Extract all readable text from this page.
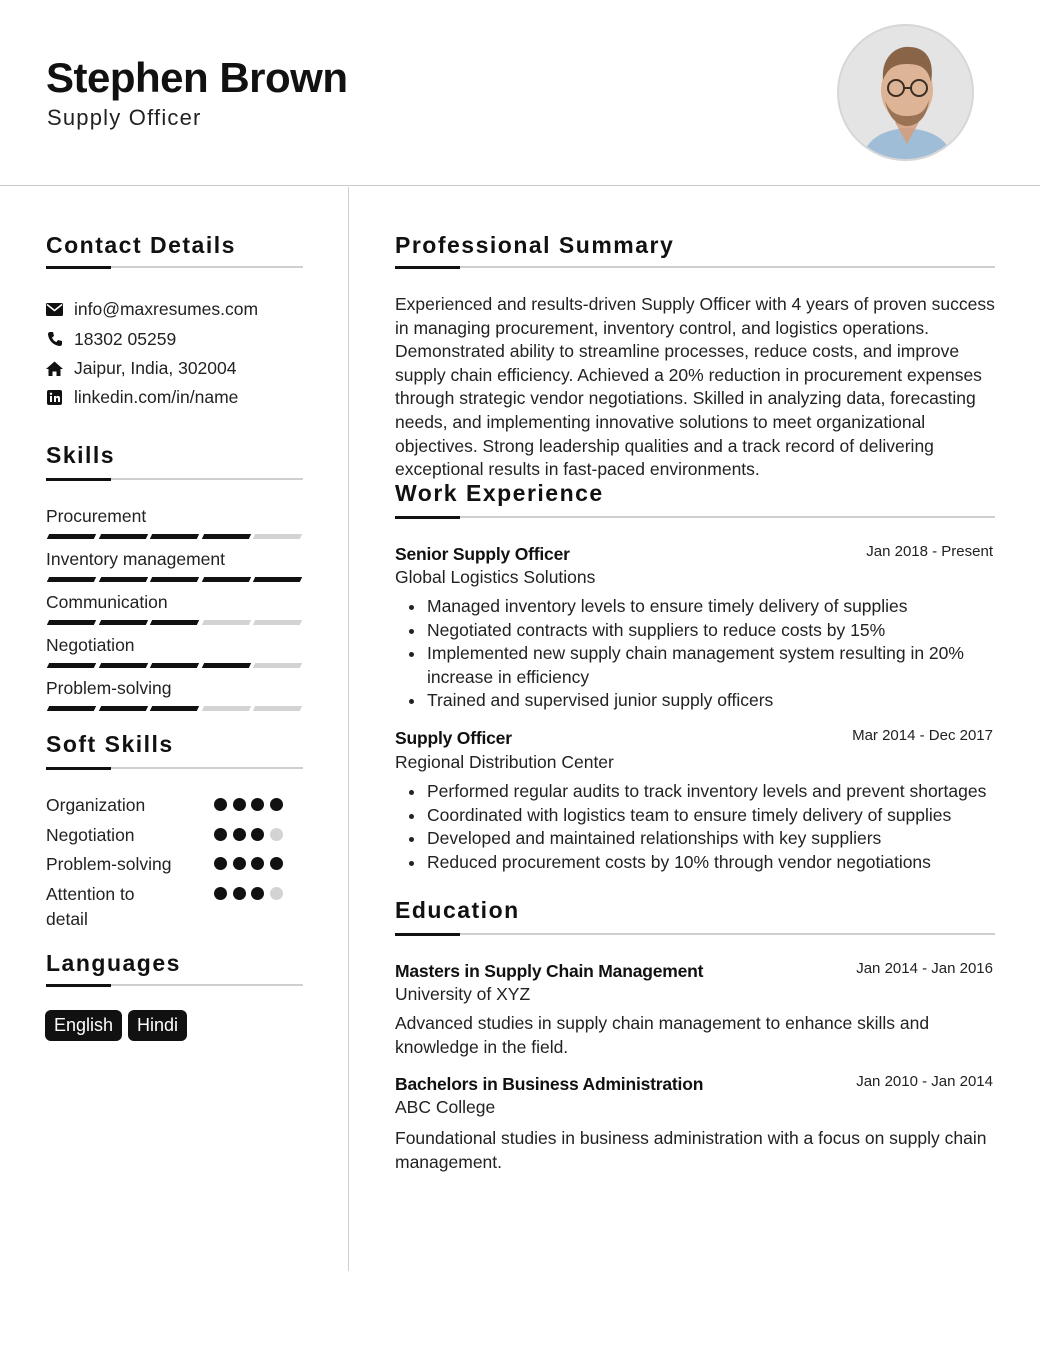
Stephen Brown
Supply Officer
Contact Details
info@maxresumes.com
18302 05259
Jaipur, India, 302004
linkedin.com/in/name
Skills
Procurement
Inventory management
Communication
Negotiation
Problem-solving
Soft Skills
Organization
Negotiation
Problem-solving
Attention to detail
Languages
English	Hindi
Professional Summary
Experienced and results-driven Supply Officer with 4 years of proven success in managing procurement, inventory control, and logistics operations. Demonstrated ability to streamline processes, reduce costs, and improve supply chain efficiency. Achieved a 20% reduction in procurement expenses through strategic vendor negotiations. Skilled in analyzing data, forecasting needs, and implementing innovative solutions to meet organizational objectives. Strong leadership qualities and a track record of delivering exceptional results in fast-paced environments.
Work Experience
Senior Supply Officer	Jan 2018 - Present
Global Logistics Solutions
Managed inventory levels to ensure timely delivery of supplies
Negotiated contracts with suppliers to reduce costs by 15%
Implemented new supply chain management system resulting in 20% increase in efficiency
Trained and supervised junior supply officers
Supply Officer	Mar 2014 - Dec 2017
Regional Distribution Center
Performed regular audits to track inventory levels and prevent shortages
Coordinated with logistics team to ensure timely delivery of supplies
Developed and maintained relationships with key suppliers
Reduced procurement costs by 10% through vendor negotiations
Education
Masters in Supply Chain Management	Jan 2014 - Jan 2016
University of XYZ
Advanced studies in supply chain management to enhance skills and knowledge in the field.
Bachelors in Business Administration	Jan 2010 - Jan 2014
ABC College
Foundational studies in business administration with a focus on supply chain management.
